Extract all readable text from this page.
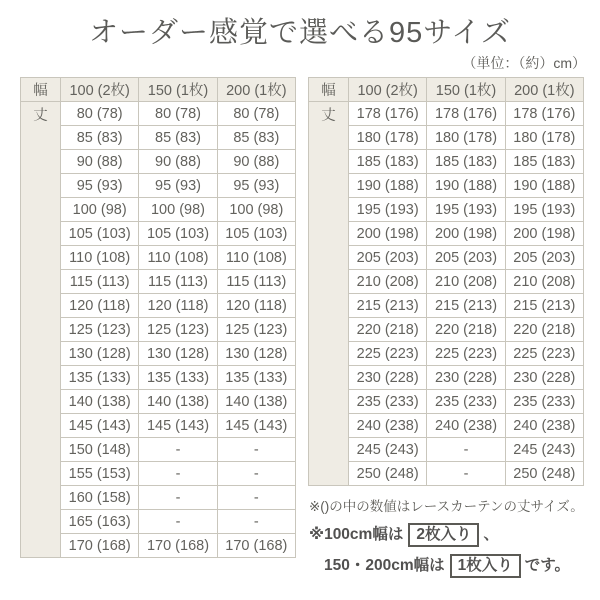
オーダー感覚で選べる95サイズ
（単位：（約）cm）
幅	100 (2枚)	150 (1枚)	200 (1枚)
丈	80 (78)	80 (78)	80 (78)
	85 (83)	85 (83)	85 (83)
	90 (88)	90 (88)	90 (88)
	95 (93)	95 (93)	95 (93)
	100 (98)	100 (98)	100 (98)
	105 (103)	105 (103)	105 (103)
	110 (108)	110 (108)	110 (108)
	115 (113)	115 (113)	115 (113)
	120 (118)	120 (118)	120 (118)
	125 (123)	125 (123)	125 (123)
	130 (128)	130 (128)	130 (128)
	135 (133)	135 (133)	135 (133)
	140 (138)	140 (138)	140 (138)
	145 (143)	145 (143)	145 (143)
	150 (148)	-	-
	155 (153)	-	-
	160 (158)	-	-
	165 (163)	-	-
	170 (168)	170 (168)	170 (168)
幅	100 (2枚)	150 (1枚)	200 (1枚)
丈	178 (176)	178 (176)	178 (176)
	180 (178)	180 (178)	180 (178)
	185 (183)	185 (183)	185 (183)
	190 (188)	190 (188)	190 (188)
	195 (193)	195 (193)	195 (193)
	200 (198)	200 (198)	200 (198)
	205 (203)	205 (203)	205 (203)
	210 (208)	210 (208)	210 (208)
	215 (213)	215 (213)	215 (213)
	220 (218)	220 (218)	220 (218)
	225 (223)	225 (223)	225 (223)
	230 (228)	230 (228)	230 (228)
	235 (233)	235 (233)	235 (233)
	240 (238)	240 (238)	240 (238)
	245 (243)	-	245 (243)
	250 (248)	-	250 (248)
※()の中の数値はレースカーテンの丈サイズ。
※100cm幅は 2枚入り 、
150・200cm幅は 1枚入り です。
